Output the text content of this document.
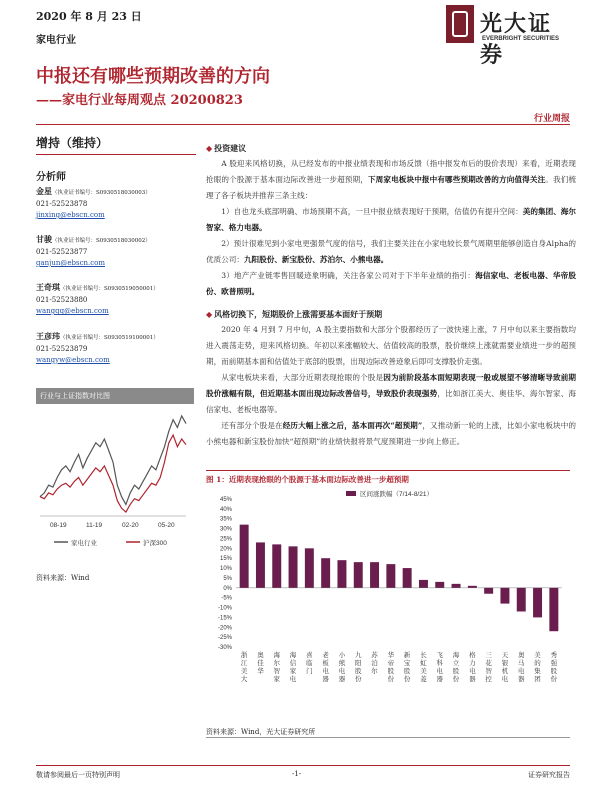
2020 年 8 月 23 日
家电行业
光大证券
EVERBRIGHT SECURITIES
中报还有哪些预期改善的方向
——家电行业每周观点 20200823
行业周报
增持（维持）
分析师
金星（执业证书编号：S0930518030003）
021-52523878
jinxing@ebscn.com
甘骏（执业证书编号：S0930518030002）
021-52523877
ganjun@ebscn.com
王奇琪（执业证书编号：S0930519050001）
021-52523880
wangqq@ebscn.com
王彦玮（执业证书编号：S0930519100001）
021-52523879
wangyw@ebscn.com
行业与上证指数对比图
08-19	11-19	02-20	05-20
家电行业	沪深300
资料来源：Wind
◆ 投资建议

A 股迎来风格切换，从已经发布的中报业绩表现和市场反馈（指中报发布后的股价表现）来看，近期表现抢眼的个股源于基本面边际改善进一步超预期，下周家电板块中报中有哪些预期改善的方向值得关注。我们梳理了各子板块并推荐三条主线：

1）自也龙头底部明确、市场预期不高，一旦中报业绩表现好于预期，估值仍有提升空间：美的集团、海尔智家、格力电器。

2）预计很难见到小家电更强景气度的信号，我们主要关注在小家电较长景气周期里能够创造自身Alpha的优质公司：九阳股份、新宝股份、苏泊尔、小熊电器。

3）地产产业链零售回暖迹象明确，关注各家公司对于下半年业绩的指引：海信家电、老板电器、华帝股份、欧普照明。

◆ 风格切换下，短期股价上涨需要基本面好于预期

2020 年 4 月到 7 月中旬，A 股主要指数和大部分个股都经历了一波快速上涨，7 月中旬以来主要指数均进入震荡走势，迎来风格切换。年初以来涨幅较大、估值较高的股票，股价继续上涨就需要业绩进一步的超预期，而前期基本面和估值处于底部的股票，出现边际改善迹象后即可支撑股价走强。

从家电板块来看，大部分近期表现抢眼的个股是因为前阶段基本面短期表现一般或展望不够清晰导致前期股价涨幅有限，但近期基本面出现边际改善信号，导致股价表现强势，比如浙江美大、奥佳华、海尔智家、海信家电、老板电器等。

还有部分个股是在经历大幅上涨之后，基本面再次“超预期”，又推动新一轮的上涨，比如小家电板块中的小熊电器和新宝股份加快“超预期”的业绩快报将景气度预期进一步向上修正。

图 1：近期表现抢眼的个股源于基本面边际改善进一步超预期
45%
40%
35%
30%
25%
20%
15%
10%
5%
0%
-5%
-10%
-15%
-20%
-25%
-30%
浙江美大
奥佳华
海尔智家
海信家电
喜临门
老板电器
小熊电器
九阳股份
苏泊尔
华帝股份
新宝股份
长虹美菱
飞科电器
海立股份
格力电器
三花智控
天银机电
奥马电器
美的集团
秀强股份
区间涨跌幅（7/14-8/21）
资料来源：Wind，光大证券研究所
敬请参阅最后一页特别声明	-1-	证券研究报告
